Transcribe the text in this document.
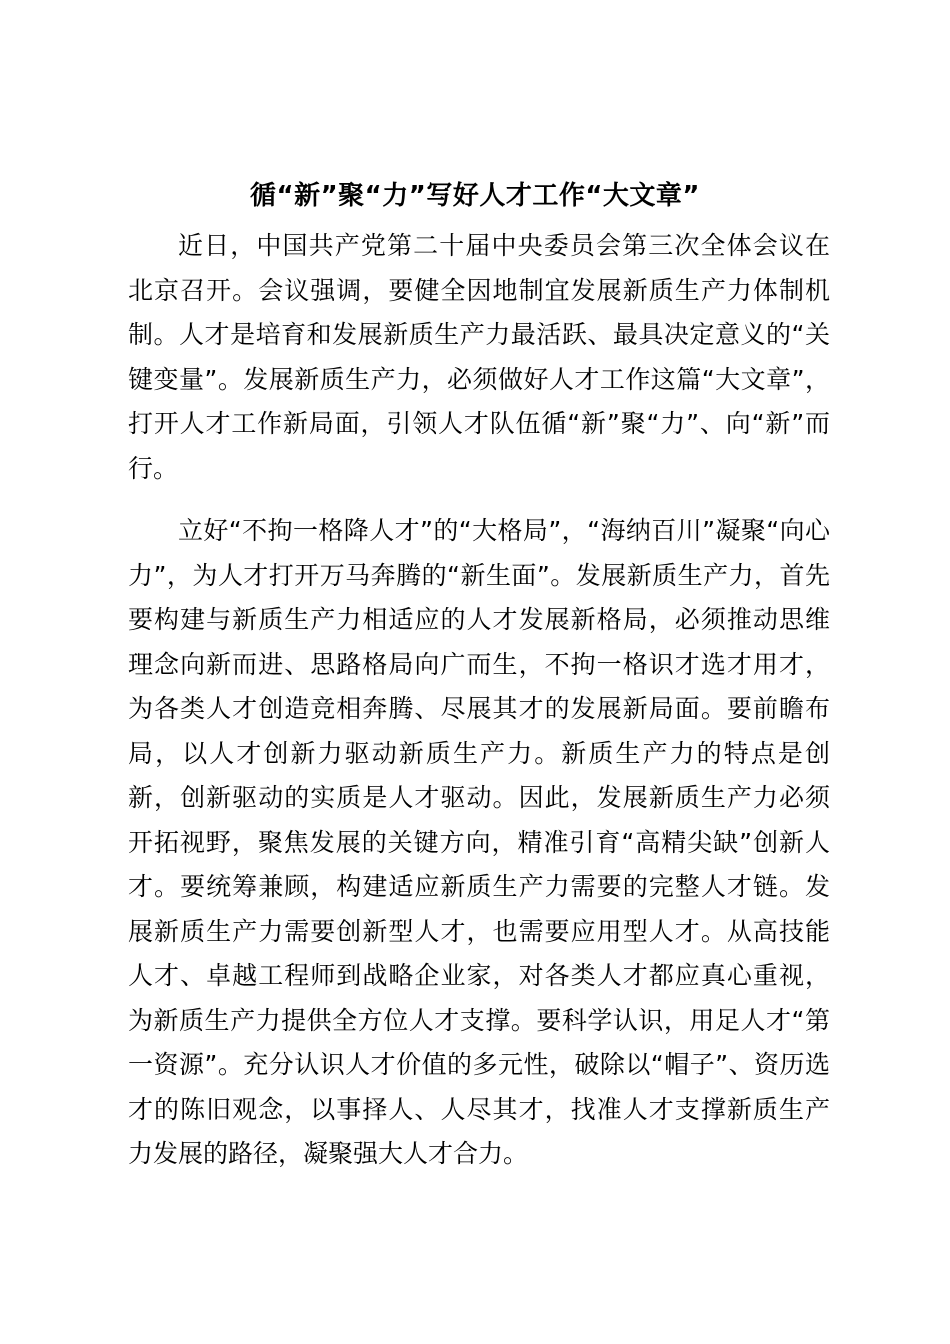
循“新”聚“力”写好人才工作“大文章”
近日，中国共产党第二十届中央委员会第三次全体会议在
北京召开。会议强调，要健全因地制宜发展新质生产力体制机
制。人才是培育和发展新质生产力最活跃、最具决定意义的“关
键变量”。发展新质生产力，必须做好人才工作这篇“大文章”，
打开人才工作新局面，引领人才队伍循“新”聚“力”、向“新”而
行。
立好“不拘一格降人才”的“大格局”，“海纳百川”凝聚“向心
力”，为人才打开万马奔腾的“新生面”。发展新质生产力，首先
要构建与新质生产力相适应的人才发展新格局，必须推动思维
理念向新而进、思路格局向广而生，不拘一格识才选才用才，
为各类人才创造竞相奔腾、尽展其才的发展新局面。要前瞻布
局，以人才创新力驱动新质生产力。新质生产力的特点是创
新，创新驱动的实质是人才驱动。因此，发展新质生产力必须
开拓视野，聚焦发展的关键方向，精准引育“高精尖缺”创新人
才。要统筹兼顾，构建适应新质生产力需要的完整人才链。发
展新质生产力需要创新型人才，也需要应用型人才。从高技能
人才、卓越工程师到战略企业家，对各类人才都应真心重视，
为新质生产力提供全方位人才支撑。要科学认识，用足人才“第
一资源”。充分认识人才价值的多元性，破除以“帽子”、资历选
才的陈旧观念，以事择人、人尽其才，找准人才支撑新质生产
力发展的路径，凝聚强大人才合力。
